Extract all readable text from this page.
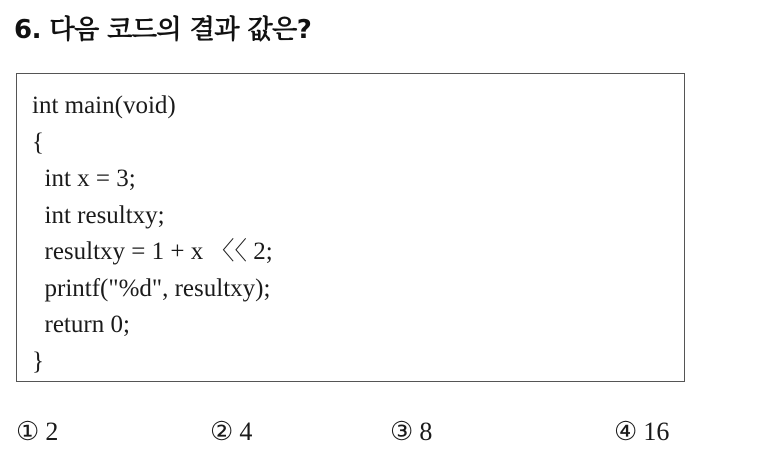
6. 다음 코드의 결과 값은?
int main(void)
{
int x = 3;
int resultxy;
resultxy = 1 + x 〈〈 2;
printf("%d", resultxy);
return 0;
}
① 2	② 4	③ 8	④ 16
